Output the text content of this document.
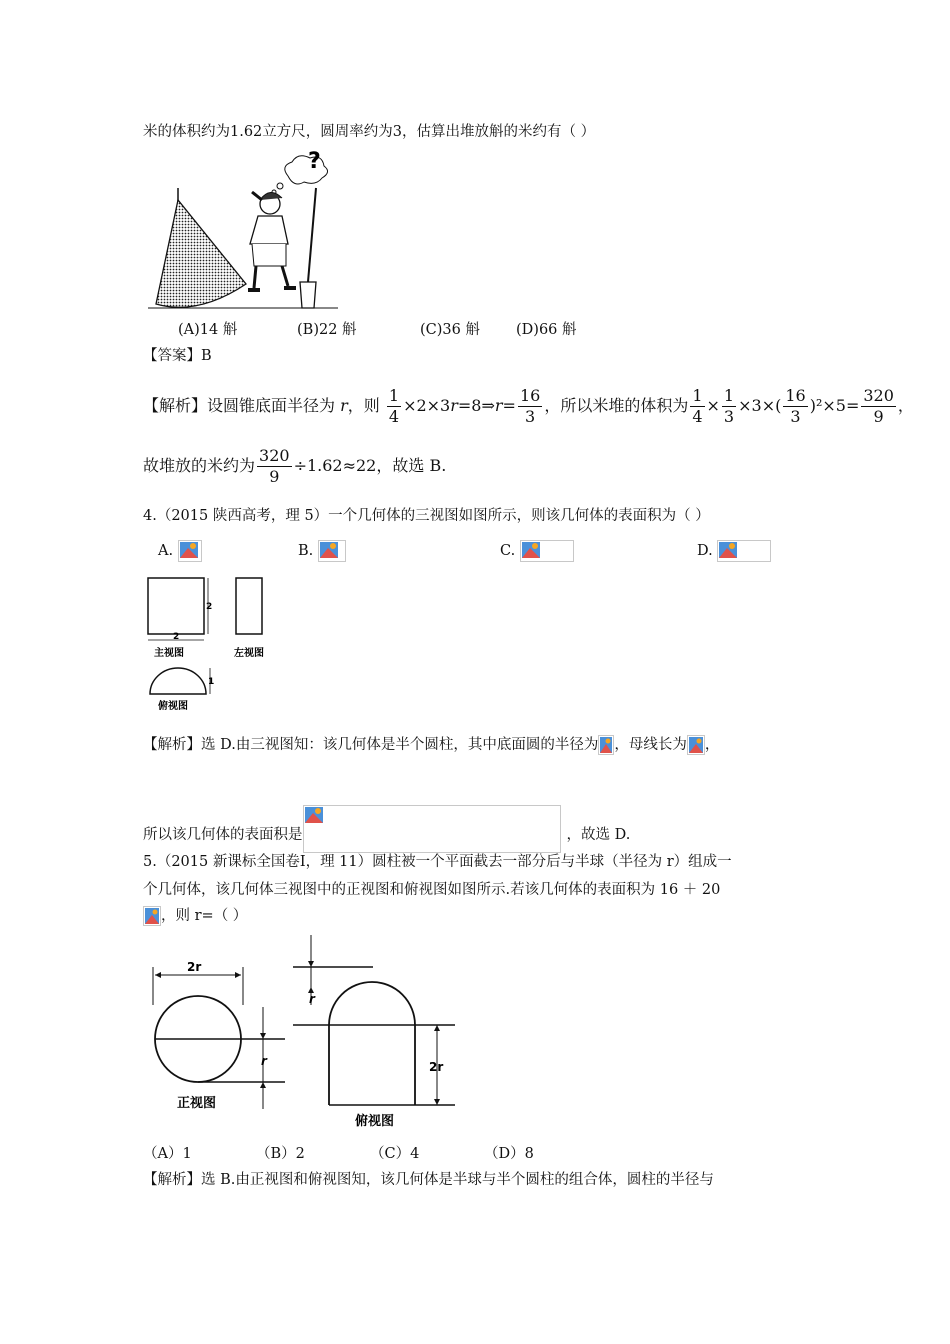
米的体积约为1.62立方尺，圆周率约为3，估算出堆放斛的米约有（ ）
?
(A)14 斛	(B)22 斛	(C)36 斛 (D)66 斛
【答案】B
【解析】设圆锥底面半径为 r，则 $\frac{1}{4}$ ×2×3r=8⇒r= $\frac{16}{3}$ ，所以米堆的体积为 $\frac{1}{4} \times \frac{1}{3} \times 3\times( \frac{16}{3} )^2\times 5= \frac{320}{9}$ ，
故堆放的米约为 $\frac{320}{9} \div 1.62\approx 22$，故选 B.
4.（2015 陕西高考，理 5）一个几何体的三视图如图所示，则该几何体的表面积为（ ）
A.	B.	C.	D.
2
2
主视图	左视图
1
俯视图
【解析】选 D.由三视图知：该几何体是半个圆柱，其中底面圆的半径为 ，母线长为 ，
所以该几何体的表面积是	，故选 D.
5.（2015 新课标全国卷Ⅰ，理 11）圆柱被一个平面截去一部分后与半球（半径为 r）组成一
个几何体，该几何体三视图中的正视图和俯视图如图所示.若该几何体的表面积为 16 ＋ 20
，则 r=（ ）
2r
r
正视图
r
2r
俯视图
（A）1	（B）2	（C）4	（D）8
【解析】选 B.由正视图和俯视图知，该几何体是半球与半个圆柱的组合体，圆柱的半径与
